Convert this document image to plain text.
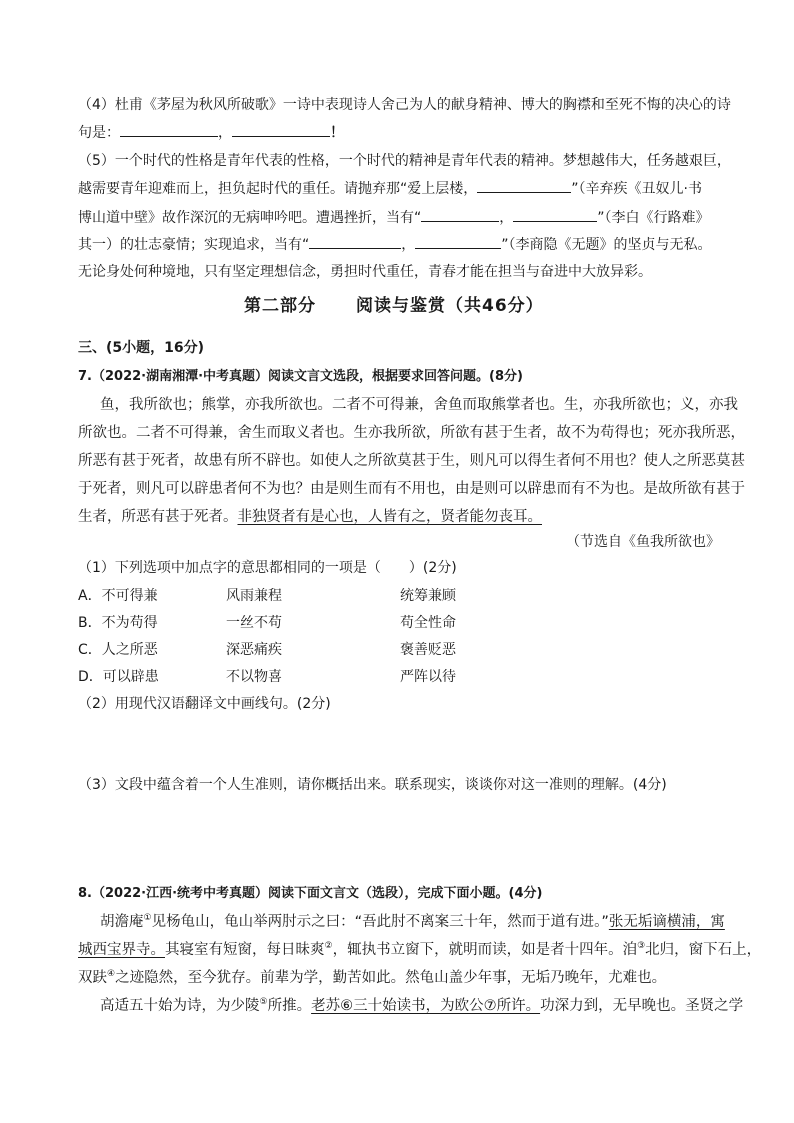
（4）杜甫《茅屋为秋风所破歌》一诗中表现诗人舍己为人的献身精神、博大的胸襟和至死不悔的决心的诗
句是：	，	！
（5）一个时代的性格是青年代表的性格，一个时代的精神是青年代表的精神。梦想越伟大，任务越艰巨，
越需要青年迎难而上，担负起时代的重任。请抛弃那“爱上层楼，	”（辛弃疾《丑奴儿·书
博山道中壁》故作深沉的无病呻吟吧。遭遇挫折，当有“	，	”（李白《行路难》
其一）的壮志豪情；实现追求，当有“	，	”（李商隐《无题》的坚贞与无私。
无论身处何种境地，只有坚定理想信念，勇担时代重任，青春才能在担当与奋进中大放异彩。
第二部分 阅读与鉴赏（共46分）
三、(5小题，16分)
7.（2022·湖南湘潭·中考真题）阅读文言文选段，根据要求回答问题。(8分)
鱼，我所欲也；熊掌，亦我所欲也。二者不可得兼，舍鱼而取熊掌者也。生，亦我所欲也；义，亦我
所欲也。二者不可得兼，舍生而取义者也。生亦我所欲，所欲有甚于生者，故不为苟得也；死亦我所恶，
所恶有甚于死者，故患有所不辟也。如使人之所欲莫甚于生，则凡可以得生者何不用也？使人之所恶莫甚
于死者，则凡可以辟患者何不为也？由是则生而有不用也，由是则可以辟患而有不为也。是故所欲有甚于
生者，所恶有甚于死者。非独贤者有是心也，人皆有之，贤者能勿丧耳。
（节选自《鱼我所欲也》
（1）下列选项中加点字的意思都相同的一项是（　　）(2分)
A．不可得兼	风雨兼程	统筹兼顾
B．不为苟得	一丝不苟	苟全性命
C．人之所恶	深恶痛疾	褒善贬恶
D．可以辟患	不以物喜	严阵以待
（2）用现代汉语翻译文中画线句。(2分)
（3）文段中蕴含着一个人生准则，请你概括出来。联系现实，谈谈你对这一准则的理解。(4分)
8.（2022·江西·统考中考真题）阅读下面文言文（选段），完成下面小题。(4分)
胡澹庵①见杨龟山，龟山举两肘示之曰：“吾此肘不离案三十年，然而于道有进。”张无垢谪横浦，寓
城西宝界寺。其寝室有短窗，每日昧爽②，辄执书立窗下，就明而读，如是者十四年。洎③北归，窗下石上，
双趺④之迹隐然，至今犹存。前辈为学，勤苦如此。然龟山盖少年事，无垢乃晚年，尤难也。
高适五十始为诗，为少陵⑤所推。老苏⑥三十始读书，为欧公⑦所许。功深力到，无早晚也。圣贤之学
